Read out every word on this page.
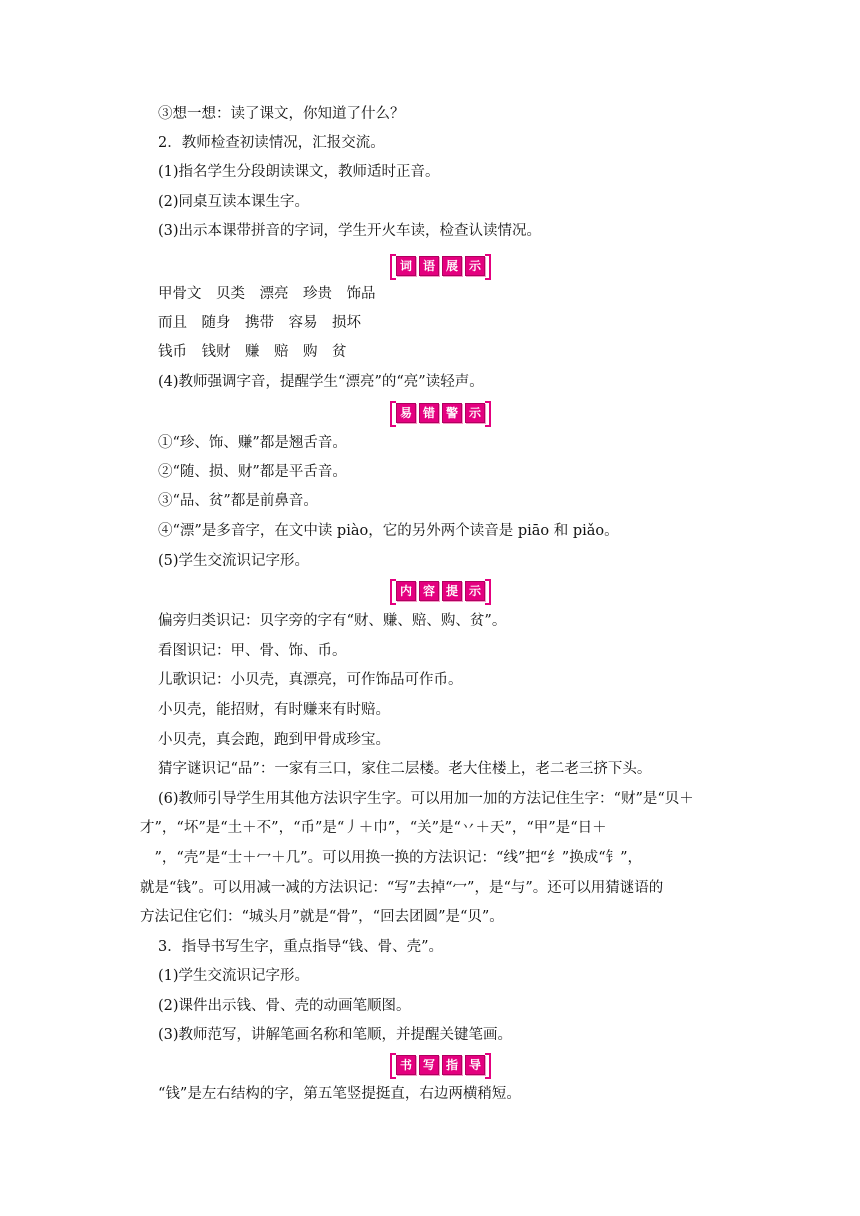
③想一想：读了课文，你知道了什么？
2．教师检查初读情况，汇报交流。
(1)指名学生分段朗读课文，教师适时正音。
(2)同桌互读本课生字。
(3)出示本课带拼音的字词，学生开火车读，检查认读情况。
词 语 展 示
甲骨文　贝类　漂亮　珍贵　饰品
而且　随身　携带　容易　损坏
钱币　钱财　赚　赔　购　贫
(4)教师强调字音，提醒学生“漂亮”的“亮”读轻声。
易 错 警 示
①“珍、饰、赚”都是翘舌音。
②“随、损、财”都是平舌音。
③“品、贫”都是前鼻音。
④“漂”是多音字，在文中读 piào，它的另外两个读音是 piāo 和 piǎo。
(5)学生交流识记字形。
内 容 提 示
偏旁归类识记：贝字旁的字有“财、赚、赔、购、贫”。
看图识记：甲、骨、饰、币。
儿歌识记：小贝壳，真漂亮，可作饰品可作币。
小贝壳，能招财，有时赚来有时赔。
小贝壳，真会跑，跑到甲骨成珍宝。
猜字谜识记“品”：一家有三口，家住二层楼。老大住楼上，老二老三挤下头。
(6)教师引导学生用其他方法识字生字。可以用加一加的方法记住生字：“财”是“贝＋
才”，“坏”是“土＋不”，“币”是“丿＋巾”，“关”是“丷＋天”，“甲”是“日＋
　”，“壳”是“士＋冖＋几”。可以用换一换的方法识记：“线”把“纟”换成“钅”，
就是“钱”。可以用减一减的方法识记：“写”去掉“冖”，是“与”。还可以用猜谜语的
方法记住它们：“城头月”就是“骨”，“回去团圆”是“贝”。
3．指导书写生字，重点指导“钱、骨、壳”。
(1)学生交流识记字形。
(2)课件出示钱、骨、壳的动画笔顺图。
(3)教师范写，讲解笔画名称和笔顺，并提醒关键笔画。
书 写 指 导
“钱”是左右结构的字，第五笔竖提挺直，右边两横稍短。
